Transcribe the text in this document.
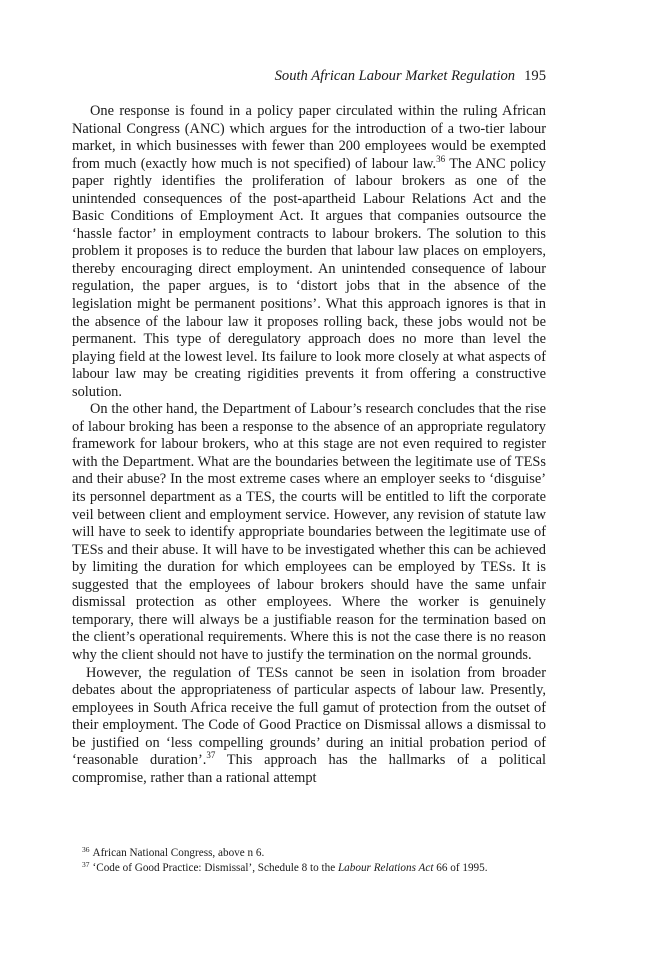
South African Labour Market Regulation 195

One response is found in a policy paper circulated within the ruling African National Congress (ANC) which argues for the introduction of a two-tier labour market, in which businesses with fewer than 200 employees would be exempted from much (exactly how much is not specified) of labour law.$^{36}$ The ANC policy paper rightly identifies the proliferation of labour brokers as one of the unintended consequences of the post-apartheid Labour Relations Act and the Basic Conditions of Employment Act. It argues that companies outsource the ‘hassle factor’ in employment contracts to labour brokers. The solution to this problem it proposes is to reduce the burden that labour law places on employers, thereby encouraging direct employment. An unintended consequence of labour regulation, the paper argues, is to ‘distort jobs that in the absence of the legislation might be permanent positions’. What this approach ignores is that in the absence of the labour law it proposes rolling back, these jobs would not be permanent. This type of deregulatory approach does no more than level the playing field at the lowest level. Its failure to look more closely at what aspects of labour law may be creating rigidities prevents it from offering a constructive solution.

On the other hand, the Department of Labour’s research concludes that the rise of labour broking has been a response to the absence of an appropriate regulatory framework for labour brokers, who at this stage are not even required to register with the Department. What are the boundaries between the legitimate use of TESs and their abuse? In the most extreme cases where an employer seeks to ‘disguise’ its personnel department as a TES, the courts will be entitled to lift the corporate veil between client and employment service. However, any revision of statute law will have to seek to identify appropriate boundaries between the legitimate use of TESs and their abuse. It will have to be investigated whether this can be achieved by limiting the duration for which employees can be employed by TESs. It is suggested that the employees of labour brokers should have the same unfair dismissal protection as other employees. Where the worker is genuinely temporary, there will always be a justifiable reason for the termination based on the client’s operational requirements. Where this is not the case there is no reason why the client should not have to justify the termination on the normal grounds.

However, the regulation of TESs cannot be seen in isolation from broader debates about the appropriateness of particular aspects of labour law. Presently, employees in South Africa receive the full gamut of protection from the outset of their employment. The Code of Good Practice on Dismissal allows a dismissal to be justified on ‘less compelling grounds’ during an initial probation period of ‘reasonable duration’.$^{37}$ This approach has the hallmarks of a political compromise, rather than a rational attempt

$^{36}$ African National Congress, above n 6.
$^{37}$ ‘Code of Good Practice: Dismissal’, Schedule 8 to the Labour Relations Act 66 of 1995.
